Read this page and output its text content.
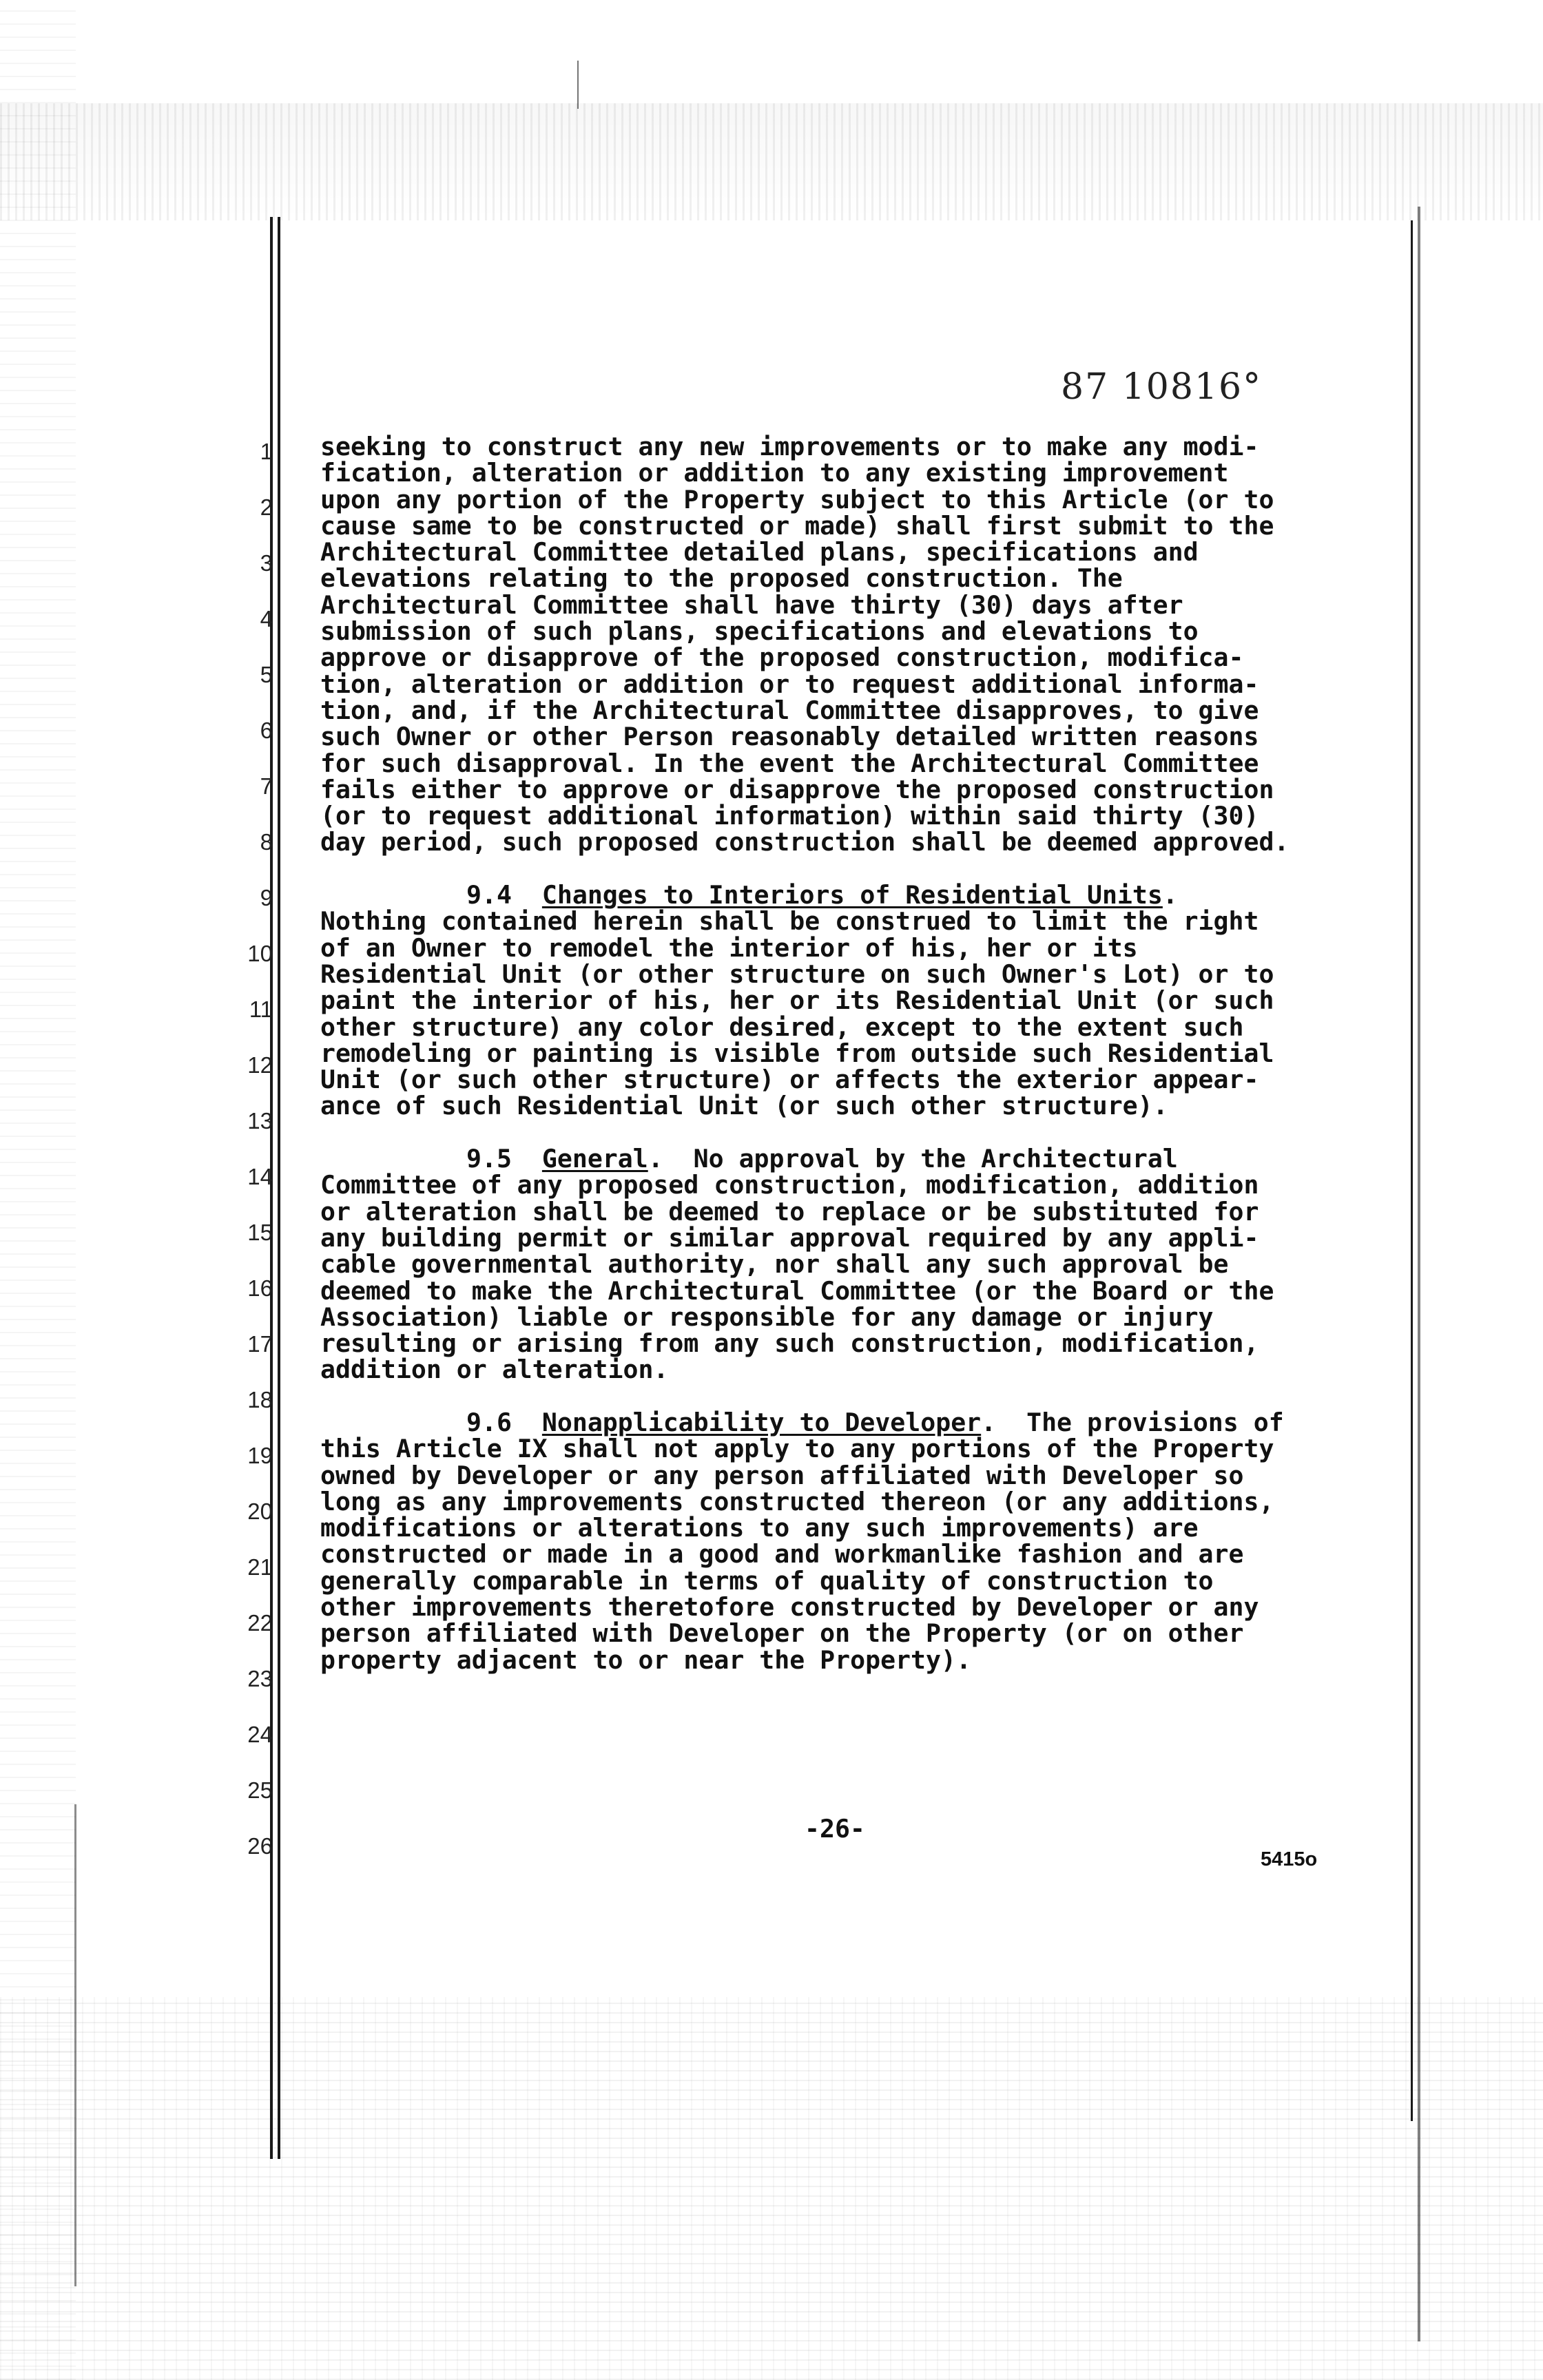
87 10816°
1
2
3
4
5
6
7
8
9
10
11
12
13
14
15
16
17
18
19
20
21
22
23
24
25
26
seeking to construct any new improvements or to make any modi-
fication, alteration or addition to any existing improvement
upon any portion of the Property subject to this Article (or to
cause same to be constructed or made) shall first submit to the
Architectural Committee detailed plans, specifications and
elevations relating to the proposed construction. The
Architectural Committee shall have thirty (30) days after
submission of such plans, specifications and elevations to
approve or disapprove of the proposed construction, modifica-
tion, alteration or addition or to request additional informa-
tion, and, if the Architectural Committee disapproves, to give
such Owner or other Person reasonably detailed written reasons
for such disapproval. In the event the Architectural Committee
fails either to approve or disapprove the proposed construction
(or to request additional information) within said thirty (30)
day period, such proposed construction shall be deemed approved.
9.4 Changes to Interiors of Residential Units.
Nothing contained herein shall be construed to limit the right
of an Owner to remodel the interior of his, her or its
Residential Unit (or other structure on such Owner's Lot) or to
paint the interior of his, her or its Residential Unit (or such
other structure) any color desired, except to the extent such
remodeling or painting is visible from outside such Residential
Unit (or such other structure) or affects the exterior appear-
ance of such Residential Unit (or such other structure).
9.5 General.  No approval by the Architectural
Committee of any proposed construction, modification, addition
or alteration shall be deemed to replace or be substituted for
any building permit or similar approval required by any appli-
cable governmental authority, nor shall any such approval be
deemed to make the Architectural Committee (or the Board or the
Association) liable or responsible for any damage or injury
resulting or arising from any such construction, modification,
addition or alteration.
9.6 Nonapplicability to Developer.  The provisions of
this Article IX shall not apply to any portions of the Property
owned by Developer or any person affiliated with Developer so
long as any improvements constructed thereon (or any additions,
modifications or alterations to any such improvements) are
constructed or made in a good and workmanlike fashion and are
generally comparable in terms of quality of construction to
other improvements theretofore constructed by Developer or any
person affiliated with Developer on the Property (or on other
property adjacent to or near the Property).
-26-
5415o
